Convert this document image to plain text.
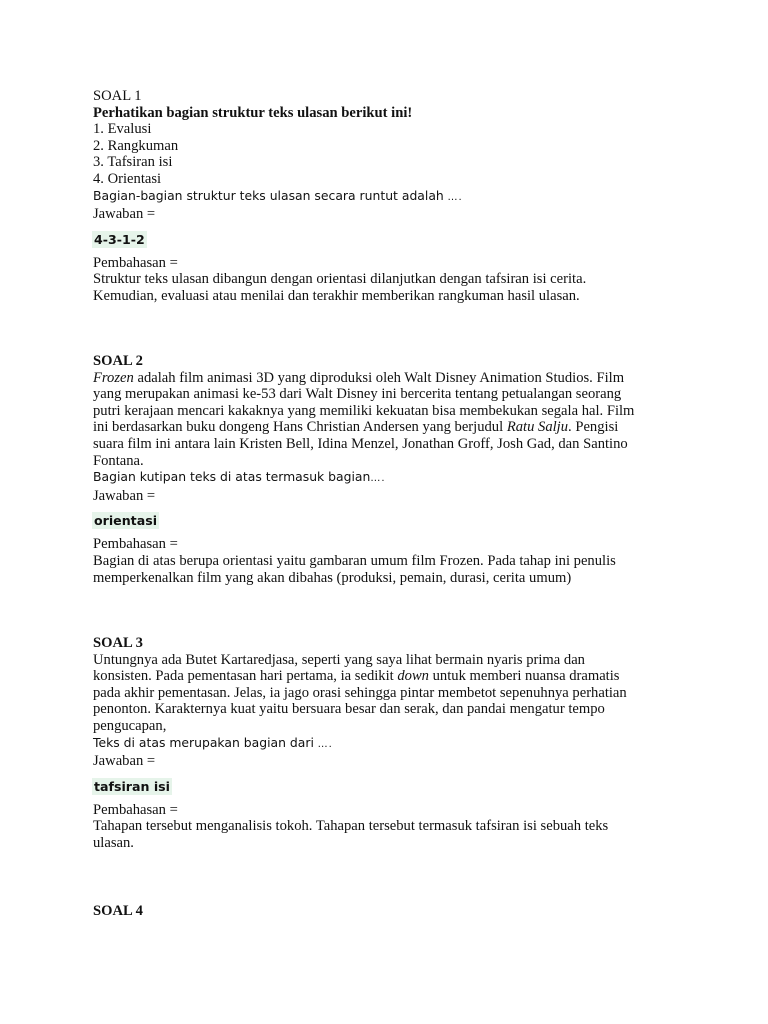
SOAL 1
Perhatikan bagian struktur teks ulasan berikut ini!
1. Evalusi
2. Rangkuman
3. Tafsiran isi
4. Orientasi
Bagian-bagian struktur teks ulasan secara runtut adalah ….
Jawaban =
4-3-1-2
Pembahasan =
Struktur teks ulasan dibangun dengan orientasi dilanjutkan dengan tafsiran isi cerita.
Kemudian, evaluasi atau menilai dan terakhir memberikan rangkuman hasil ulasan.
SOAL 2
Frozen adalah film animasi 3D yang diproduksi oleh Walt Disney Animation Studios. Film
yang merupakan animasi ke-53 dari Walt Disney ini bercerita tentang petualangan seorang
putri kerajaan mencari kakaknya yang memiliki kekuatan bisa membekukan segala hal. Film
ini berdasarkan buku dongeng Hans Christian Andersen yang berjudul Ratu Salju. Pengisi
suara film ini antara lain Kristen Bell, Idina Menzel, Jonathan Groff, Josh Gad, dan Santino
Fontana.
Bagian kutipan teks di atas termasuk bagian….
Jawaban =
orientasi
Pembahasan =
Bagian di atas berupa orientasi yaitu gambaran umum film Frozen. Pada tahap ini penulis
memperkenalkan film yang akan dibahas (produksi, pemain, durasi, cerita umum)
SOAL 3
Untungnya ada Butet Kartaredjasa, seperti yang saya lihat bermain nyaris prima dan
konsisten. Pada pementasan hari pertama, ia sedikit down untuk memberi nuansa dramatis
pada akhir pementasan. Jelas, ia jago orasi sehingga pintar membetot sepenuhnya perhatian
penonton. Karakternya kuat yaitu bersuara besar dan serak, dan pandai mengatur tempo
pengucapan,
Teks di atas merupakan bagian dari ….
Jawaban =
tafsiran isi
Pembahasan =
Tahapan tersebut menganalisis tokoh. Tahapan tersebut termasuk tafsiran isi sebuah teks
ulasan.
SOAL 4
